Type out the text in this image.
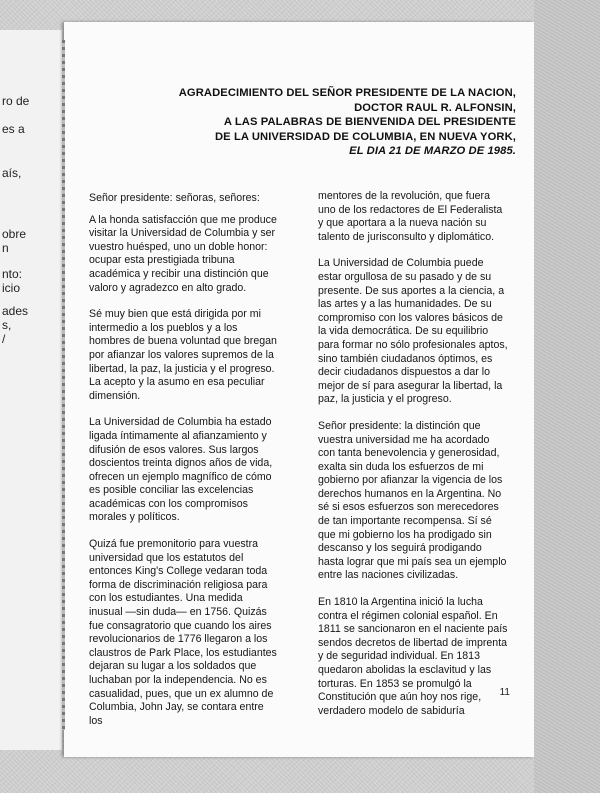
ro de
es a
aís,
obre
n
nto:
icio
ades
s,
/
AGRADECIMIENTO DEL SEÑOR PRESIDENTE DE LA NACION,
DOCTOR RAUL R. ALFONSIN,
A LAS PALABRAS DE BIENVENIDA DEL PRESIDENTE
DE LA UNIVERSIDAD DE COLUMBIA, EN NUEVA YORK,
EL DIA 21 DE MARZO DE 1985.

Señor presidente: señoras, señores:

A la honda satisfacción que me produce visitar la Universidad de Columbia y ser vuestro huésped, uno un doble honor: ocupar esta prestigiada tribuna académica y recibir una distinción que valoro y agradezco en alto grado.

Sé muy bien que está dirigida por mi intermedio a los pueblos y a los hombres de buena voluntad que bregan por afianzar los valores supremos de la libertad, la paz, la justicia y el progreso. La acepto y la asumo en esa peculiar dimensión.

La Universidad de Columbia ha estado ligada íntimamente al afianzamiento y difusión de esos valores. Sus largos doscientos treinta dignos años de vida, ofrecen un ejemplo magnífico de cómo es posible conciliar las excelencias académicas con los compromisos morales y políticos.

Quizá fue premonitorio para vuestra universidad que los estatutos del entonces King's College vedaran toda forma de discriminación religiosa para con los estudiantes. Una medida inusual —sin duda— en 1756. Quizás fue consagratorio que cuando los aires revolucionarios de 1776 llegaron a los claustros de Park Place, los estudiantes dejaran su lugar a los soldados que luchaban por la independencia. No es casualidad, pues, que un ex alumno de Columbia, John Jay, se contara entre los

mentores de la revolución, que fuera uno de los redactores de El Federalista y que aportara a la nueva nación su talento de jurisconsulto y diplomático.

La Universidad de Columbia puede estar orgullosa de su pasado y de su presente. De sus aportes a la ciencia, a las artes y a las humanidades. De su compromiso con los valores básicos de la vida democrática. De su equilibrio para formar no sólo profesionales aptos, sino también ciudadanos óptimos, es decir ciudadanos dispuestos a dar lo mejor de sí para asegurar la libertad, la paz, la justicia y el progreso.

Señor presidente: la distinción que vuestra universidad me ha acordado con tanta benevolencia y generosidad, exalta sin duda los esfuerzos de mi gobierno por afianzar la vigencia de los derechos humanos en la Argentina. No sé si esos esfuerzos son merecedores de tan importante recompensa. Sí sé que mi gobierno los ha prodigado sin descanso y los seguirá prodigando hasta lograr que mi país sea un ejemplo entre las naciones civilizadas.

En 1810 la Argentina inició la lucha contra el régimen colonial español. En 1811 se sancionaron en el naciente país sendos decretos de libertad de imprenta y de seguridad individual. En 1813 quedaron abolidas la esclavitud y las torturas. En 1853 se promulgó la Constitución que aún hoy nos rige, verdadero modelo de sabiduría

11
